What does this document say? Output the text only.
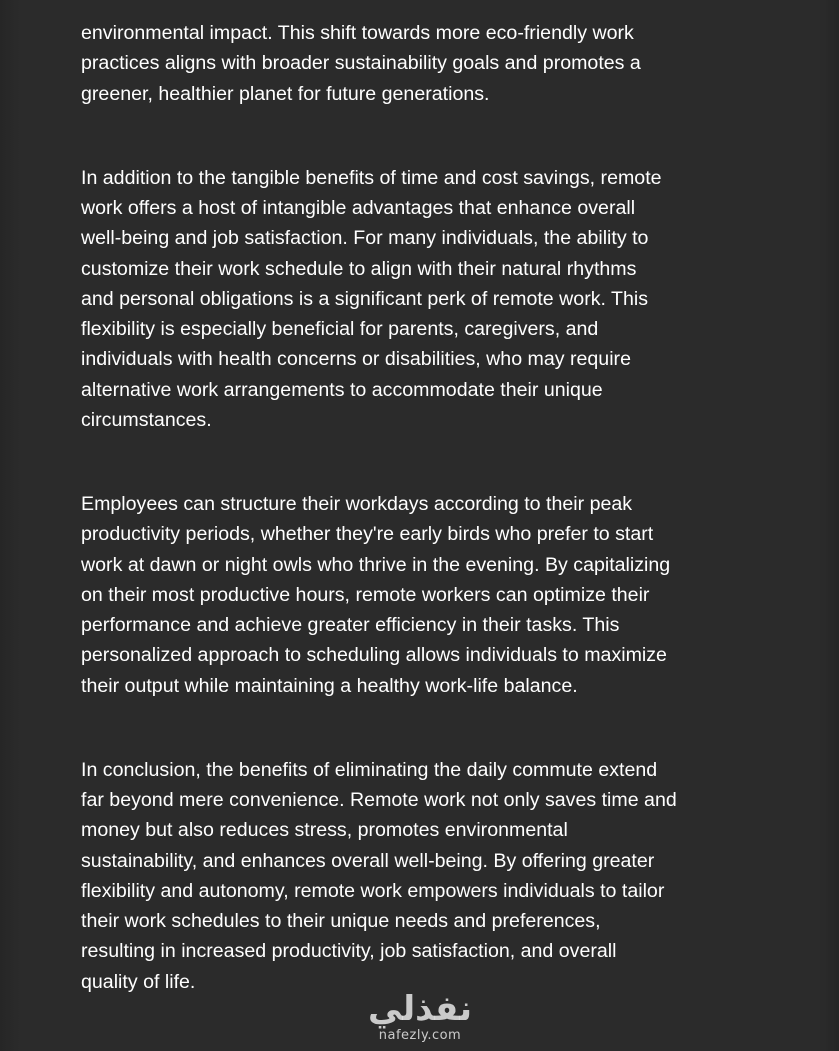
environmental impact. This shift towards more eco-friendly work
practices aligns with broader sustainability goals and promotes a
greener, healthier planet for future generations.

In addition to the tangible benefits of time and cost savings, remote
work offers a host of intangible advantages that enhance overall
well-being and job satisfaction. For many individuals, the ability to
customize their work schedule to align with their natural rhythms
and personal obligations is a significant perk of remote work. This
flexibility is especially beneficial for parents, caregivers, and
individuals with health concerns or disabilities, who may require
alternative work arrangements to accommodate their unique
circumstances.

Employees can structure their workdays according to their peak
productivity periods, whether they're early birds who prefer to start
work at dawn or night owls who thrive in the evening. By capitalizing
on their most productive hours, remote workers can optimize their
performance and achieve greater efficiency in their tasks. This
personalized approach to scheduling allows individuals to maximize
their output while maintaining a healthy work-life balance.

In conclusion, the benefits of eliminating the daily commute extend
far beyond mere convenience. Remote work not only saves time and
money but also reduces stress, promotes environmental
sustainability, and enhances overall well-being. By offering greater
flexibility and autonomy, remote work empowers individuals to tailor
their work schedules to their unique needs and preferences,
resulting in increased productivity, job satisfaction, and overall
quality of life.

نفذلي
nafezly.com
